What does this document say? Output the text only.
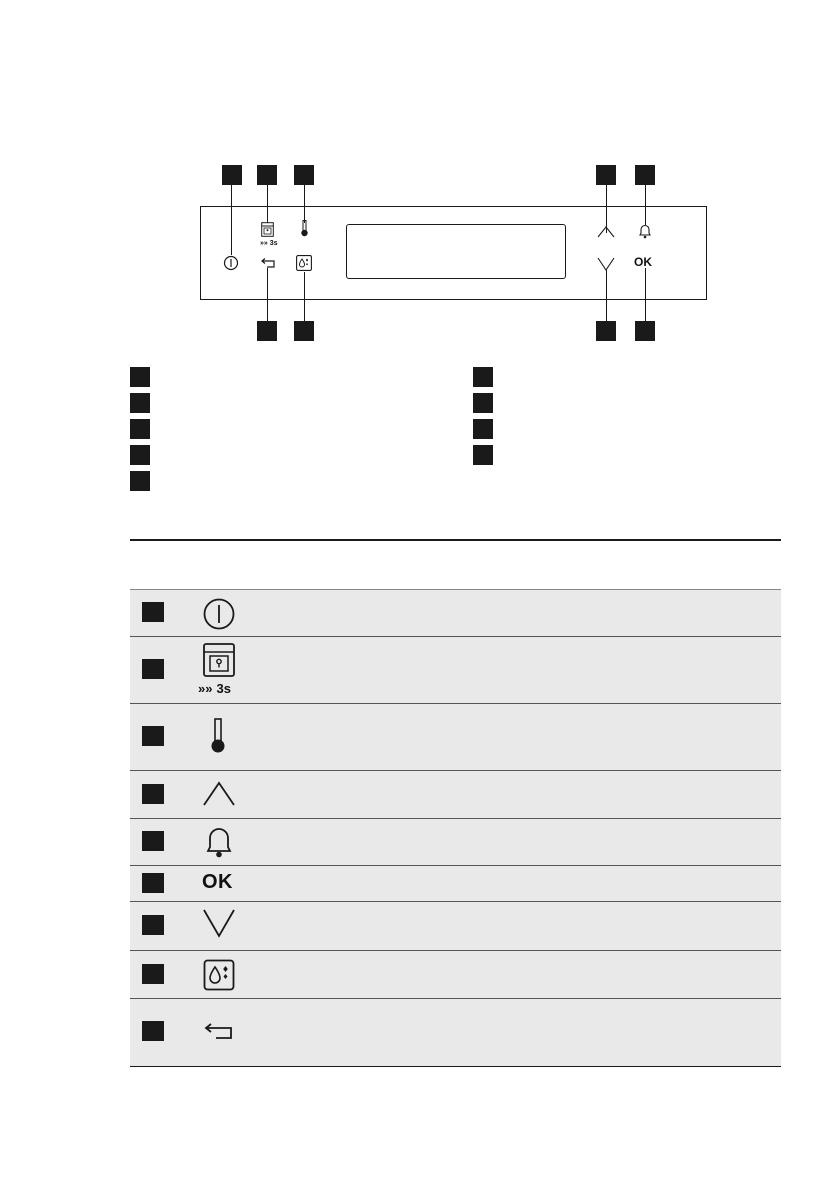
»» 3s
OK
»» 3s
OK
